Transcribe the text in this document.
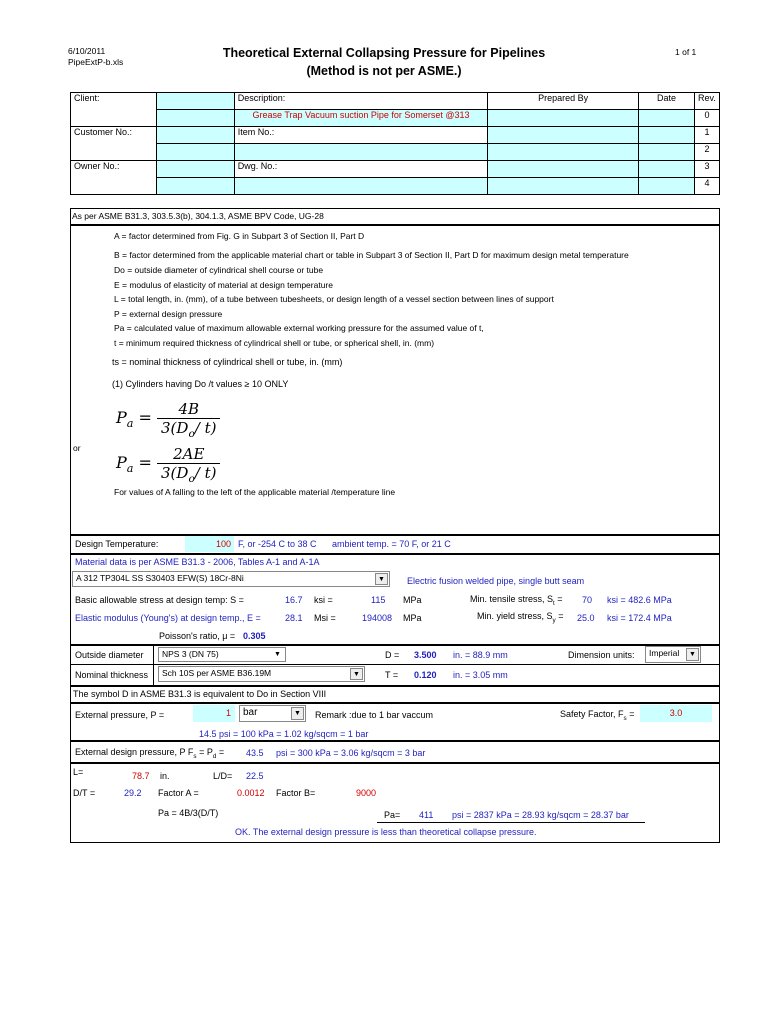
6/10/2011
PipeExtP-b.xls
Theoretical External Collapsing Pressure for Pipelines
(Method is not per ASME.)
1 of 1
Client:		Description:	Prepared By	Date	Rev.
		Grease Trap Vacuum suction Pipe for Somerset @313			0
Customer No.:		Item No.:			1
					2
Owner No.:		Dwg. No.:			3
					4
As per ASME B31.3, 303.5.3(b), 304.1.3, ASME BPV Code, UG-28
A = factor determined from Fig. G in Subpart 3 of Section II, Part D
B = factor determined from the applicable material chart or table in Subpart 3 of Section II, Part D for maximum design metal temperature
Do = outside diameter of cylindrical shell course or tube
E = modulus of elasticity of material at design temperature
L = total length, in. (mm), of a tube between tubesheets, or design length of a vessel section between lines of support
P = external design pressure
Pa = calculated value of maximum allowable external working pressure for the assumed value of t,
t = minimum required thickness of cylindrical shell or tube, or spherical shell, in. (mm)
ts = nominal thickness of cylindrical shell or tube, in. (mm)
(1) Cylinders having Do /t values ≥ 10 ONLY
$P_a = \frac{4B}{3(D_o/ t)}$
or
$P_a = \frac{2AE}{3(D_o/ t)}$
For values of A falling to the left of the applicable material /temperature line
Design Temperature:	100 F, or -254 C to 38 C ambient temp. = 70 F, or 21 C
Material data is per ASME B31.3 - 2006, Tables A-1 and A-1A
A 312 TP304L SS S30403 EFW(S) 18Cr-8Ni	▼	Electric fusion welded pipe, single butt seam
Basic allowable stress at design temp: S =	16.7 ksi =	115 MPa	Min. tensile stress, $S_t = 70$ ksi = 482.6 MPa
Elastic modulus (Young's) at design temp., E =	28.1 Msi =	194008 MPa	Min. yield stress, $S_y = 25.0$ ksi = 172.4 MPa
Poisson's ratio, μ = 0.305
Outside diameter	NPS 3 (DN 75)	▼	D = 3.500 in. = 88.9 mm	Dimension units:	Imperial	▼
Nominal thickness	Sch 10S per ASME B36.19M	▼	T = 0.120 in. = 3.05 mm
The symbol D in ASME B31.3 is equivalent to Do in Section VIII
External pressure, P =	1	bar	▼	Remark :due to 1 bar vaccum	Safety Factor, $F_s$ =	3.0
14.5 psi = 100 kPa = 1.02 kg/sqcm = 1 bar
External design pressure, P $F_s = P_d = 43.5$ psi = 300 kPa = 3.06 kg/sqcm = 3 bar
L=	78.7 in.	L/D= 22.5
D/T =	29.2 Factor A =	0.0012 Factor B=	9000
Pa = 4B/3(D/T)	Pa= 411 psi = 2837 kPa = 28.93 kg/sqcm = 28.37 bar
OK. The external design pressure is less than theoretical collapse pressure.
